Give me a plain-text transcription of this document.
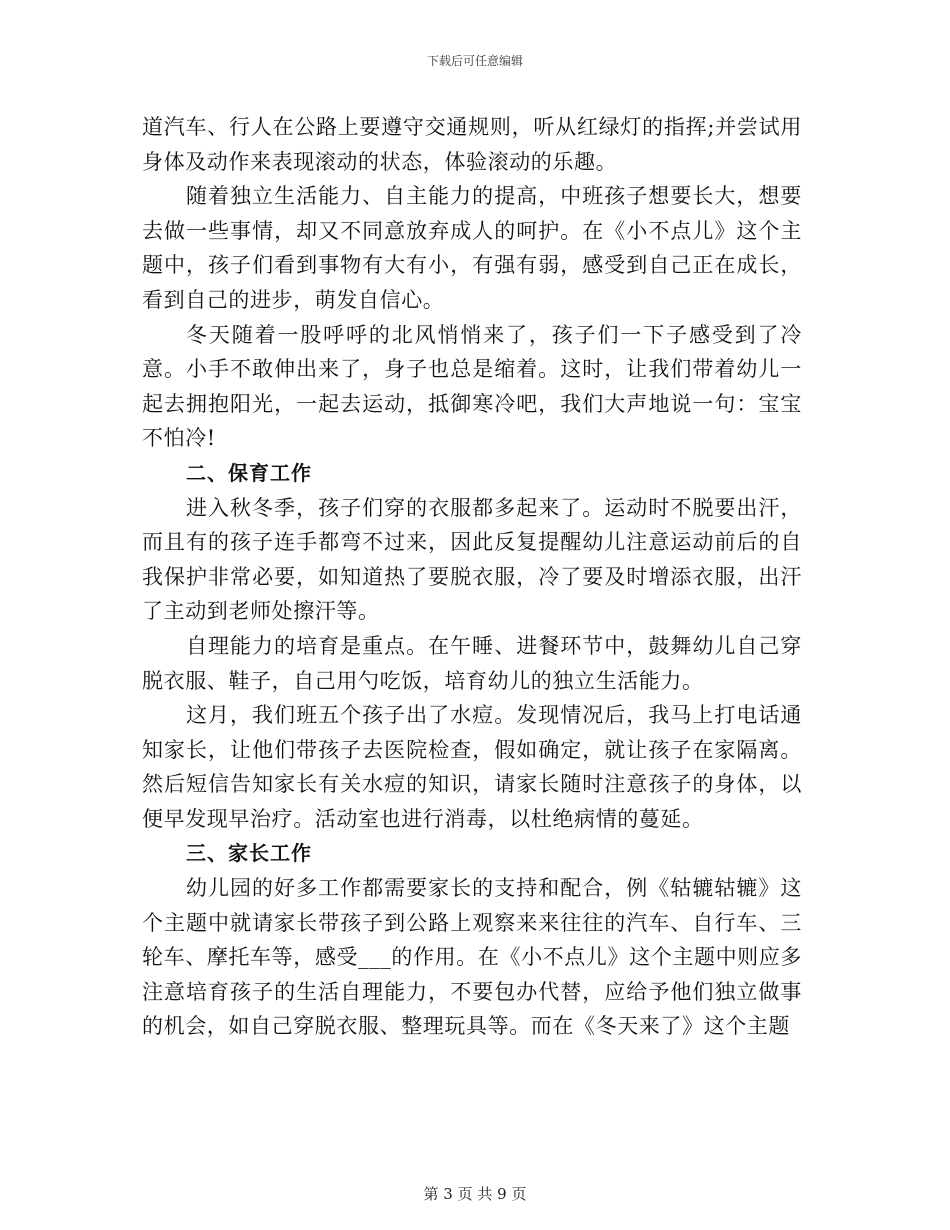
下载后可任意编辑

道汽车、行人在公路上要遵守交通规则，听从红绿灯的指挥;并尝试用身体及动作来表现滚动的状态，体验滚动的乐趣。

随着独立生活能力、自主能力的提高，中班孩子想要长大，想要去做一些事情，却又不同意放弃成人的呵护。在《小不点儿》这个主题中，孩子们看到事物有大有小，有强有弱，感受到自己正在成长，看到自己的进步，萌发自信心。

冬天随着一股呼呼的北风悄悄来了，孩子们一下子感受到了冷意。小手不敢伸出来了，身子也总是缩着。这时，让我们带着幼儿一起去拥抱阳光，一起去运动，抵御寒冷吧，我们大声地说一句：宝宝不怕冷!

二、保育工作

进入秋冬季，孩子们穿的衣服都多起来了。运动时不脱要出汗，而且有的孩子连手都弯不过来，因此反复提醒幼儿注意运动前后的自我保护非常必要，如知道热了要脱衣服，冷了要及时增添衣服，出汗了主动到老师处擦汗等。

自理能力的培育是重点。在午睡、进餐环节中，鼓舞幼儿自己穿脱衣服、鞋子，自己用勺吃饭，培育幼儿的独立生活能力。

这月，我们班五个孩子出了水痘。发现情况后，我马上打电话通知家长，让他们带孩子去医院检查，假如确定，就让孩子在家隔离。然后短信告知家长有关水痘的知识，请家长随时注意孩子的身体，以便早发现早治疗。活动室也进行消毒，以杜绝病情的蔓延。

三、家长工作

幼儿园的好多工作都需要家长的支持和配合，例《轱辘轱辘》这个主题中就请家长带孩子到公路上观察来来往往的汽车、自行车、三轮车、摩托车等，感受___的作用。在《小不点儿》这个主题中则应多注意培育孩子的生活自理能力，不要包办代替，应给予他们独立做事的机会，如自己穿脱衣服、整理玩具等。而在《冬天来了》这个主题

第 3 页 共 9 页
